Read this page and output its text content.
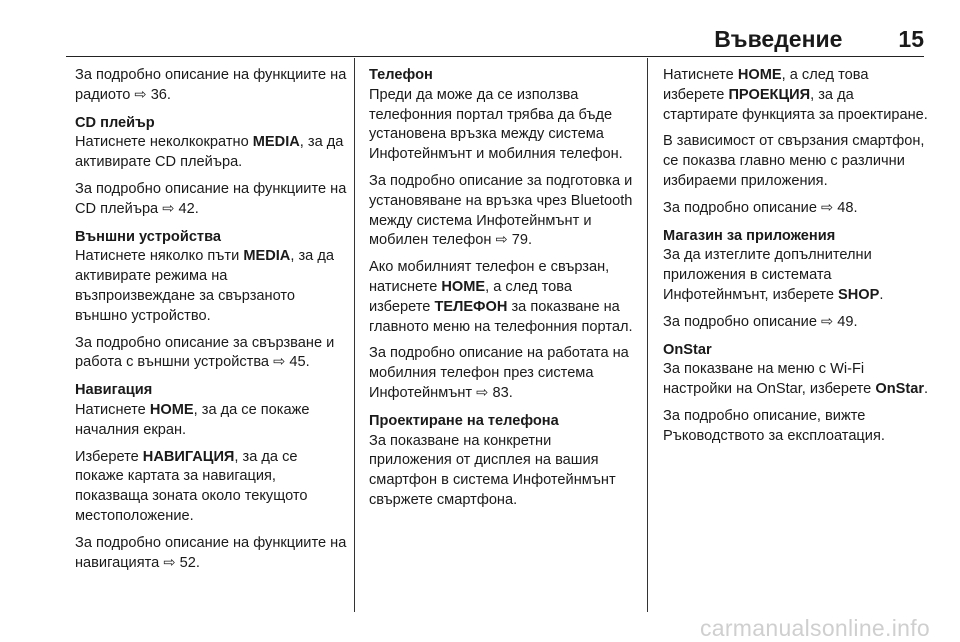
Въведение 15

За подробно описание на функциите на радиото ⇨ 36.

CD плейър

Натиснете неколкократно MEDIA, за да активирате CD плейъра.

За подробно описание на функциите на CD плейъра ⇨ 42.

Външни устройства

Натиснете няколко пъти MEDIA, за да активирате режима на възпроизвеждане за свързаното външно устройство.

За подробно описание за свързване и работа с външни устройства ⇨ 45.

Навигация

Натиснете HOME, за да се покаже началния екран.

Изберете НАВИГАЦИЯ, за да се покаже картата за навигация, показваща зоната около текущото местоположение.

За подробно описание на функциите на навигацията ⇨ 52.

Телефон

Преди да може да се използва телефонния портал трябва да бъде установена връзка между система Инфотейнмънт и мобилния телефон.

За подробно описание за подготовка и установяване на връзка чрез Bluetooth между система Инфотейнмънт и мобилен телефон ⇨ 79.

Ако мобилният телефон е свързан, натиснете HOME, а след това изберете ТЕЛЕФОН за показване на главното меню на телефонния портал.

За подробно описание на работата на мобилния телефон през система Инфотейнмънт ⇨ 83.

Проектиране на телефона

За показване на конкретни приложения от дисплея на вашия смартфон в система Инфотейнмънт свържете смартфона.

Натиснете HOME, а след това изберете ПРОЕКЦИЯ, за да стартирате функцията за проектиране.

В зависимост от свързания смартфон, се показва главно меню с различни избираеми приложения.

За подробно описание ⇨ 48.

Магазин за приложения

За да изтеглите допълнителни приложения в системата Инфотейнмънт, изберете SHOP.

За подробно описание ⇨ 49.

OnStar

За показване на меню с Wi-Fi настройки на OnStar, изберете OnStar.

За подробно описание, вижте Ръководството за експлоатация.

carmanualsonline.info
